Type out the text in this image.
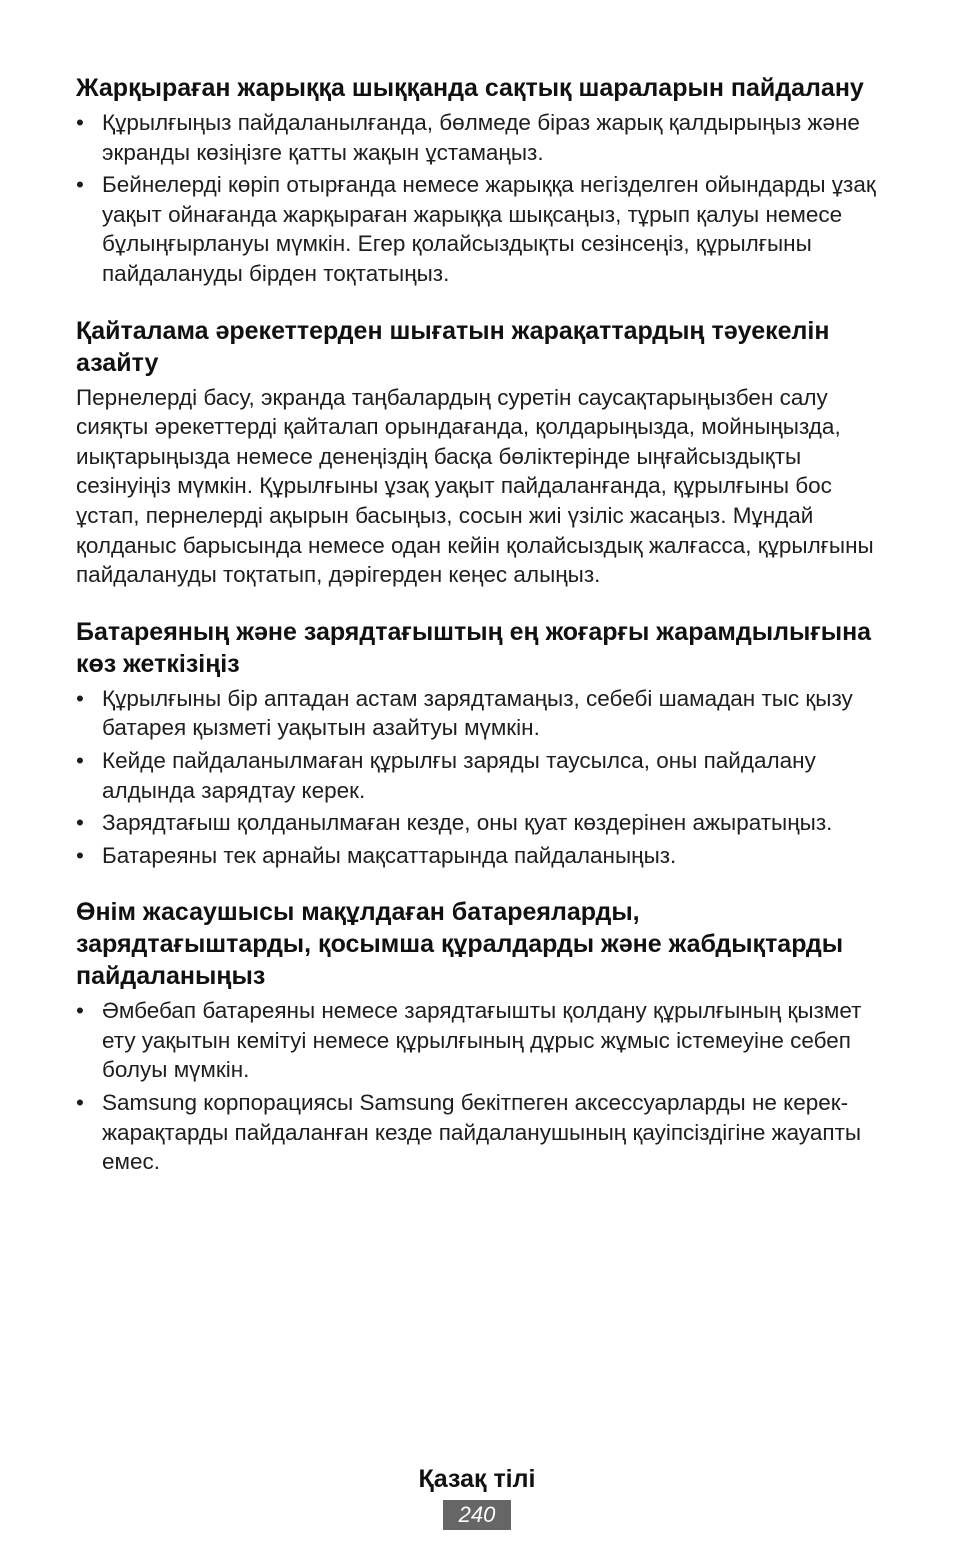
Жарқыраған жарыққа шыққанда сақтық шараларын пайдалану
• Құрылғыңыз пайдаланылғанда, бөлмеде біраз жарық қалдырыңыз және экранды көзіңізге қатты жақын ұстамаңыз.
• Бейнелерді көріп отырғанда немесе жарыққа негізделген ойындарды ұзақ уақыт ойнағанда жарқыраған жарыққа шықсаңыз, тұрып қалуы немесе бұлыңғырлануы мүмкін. Егер қолайсыздықты сезінсеңіз, құрылғыны пайдалануды бірден тоқтатыңыз.
Қайталама әрекеттерден шығатын жарақаттардың тәуекелін азайту

Пернелерді басу, экранда таңбалардың суретін саусақтарыңызбен салу сияқты әрекеттерді қайталап орындағанда, қолдарыңызда, мойныңызда, иықтарыңызда немесе денеңіздің басқа бөліктерінде ыңғайсыздықты сезінуіңіз мүмкін. Құрылғыны ұзақ уақыт пайдаланғанда, құрылғыны бос ұстап, пернелерді ақырын басыңыз, сосын жиі үзіліс жасаңыз. Мұндай қолданыс барысында немесе одан кейін қолайсыздық жалғасса, құрылғыны пайдалануды тоқтатып, дәрігерден кеңес алыңыз.

Батареяның және зарядтағыштың ең жоғарғы жарамдылығына көз жеткізіңіз
• Құрылғыны бір аптадан астам зарядтамаңыз, себебі шамадан тыс қызу батарея қызметі уақытын азайтуы мүмкін.
• Кейде пайдаланылмаған құрылғы заряды таусылса, оны пайдалану алдында зарядтау керек.
• Зарядтағыш қолданылмаған кезде, оны қуат көздерінен ажыратыңыз.
• Батареяны тек арнайы мақсаттарында пайдаланыңыз.
Өнім жасаушысы мақұлдаған батареяларды, зарядтағыштарды, қосымша құралдарды және жабдықтарды пайдаланыңыз
• Әмбебап батареяны немесе зарядтағышты қолдану құрылғының қызмет ету уақытын кемітуі немесе құрылғының дұрыс жұмыс істемеуіне себеп болуы мүмкін.
• Samsung корпорациясы Samsung бекітпеген аксессуарларды не керек-жарақтарды пайдаланған кезде пайдаланушының қауіпсіздігіне жауапты емес.
Қазақ тілі
240
